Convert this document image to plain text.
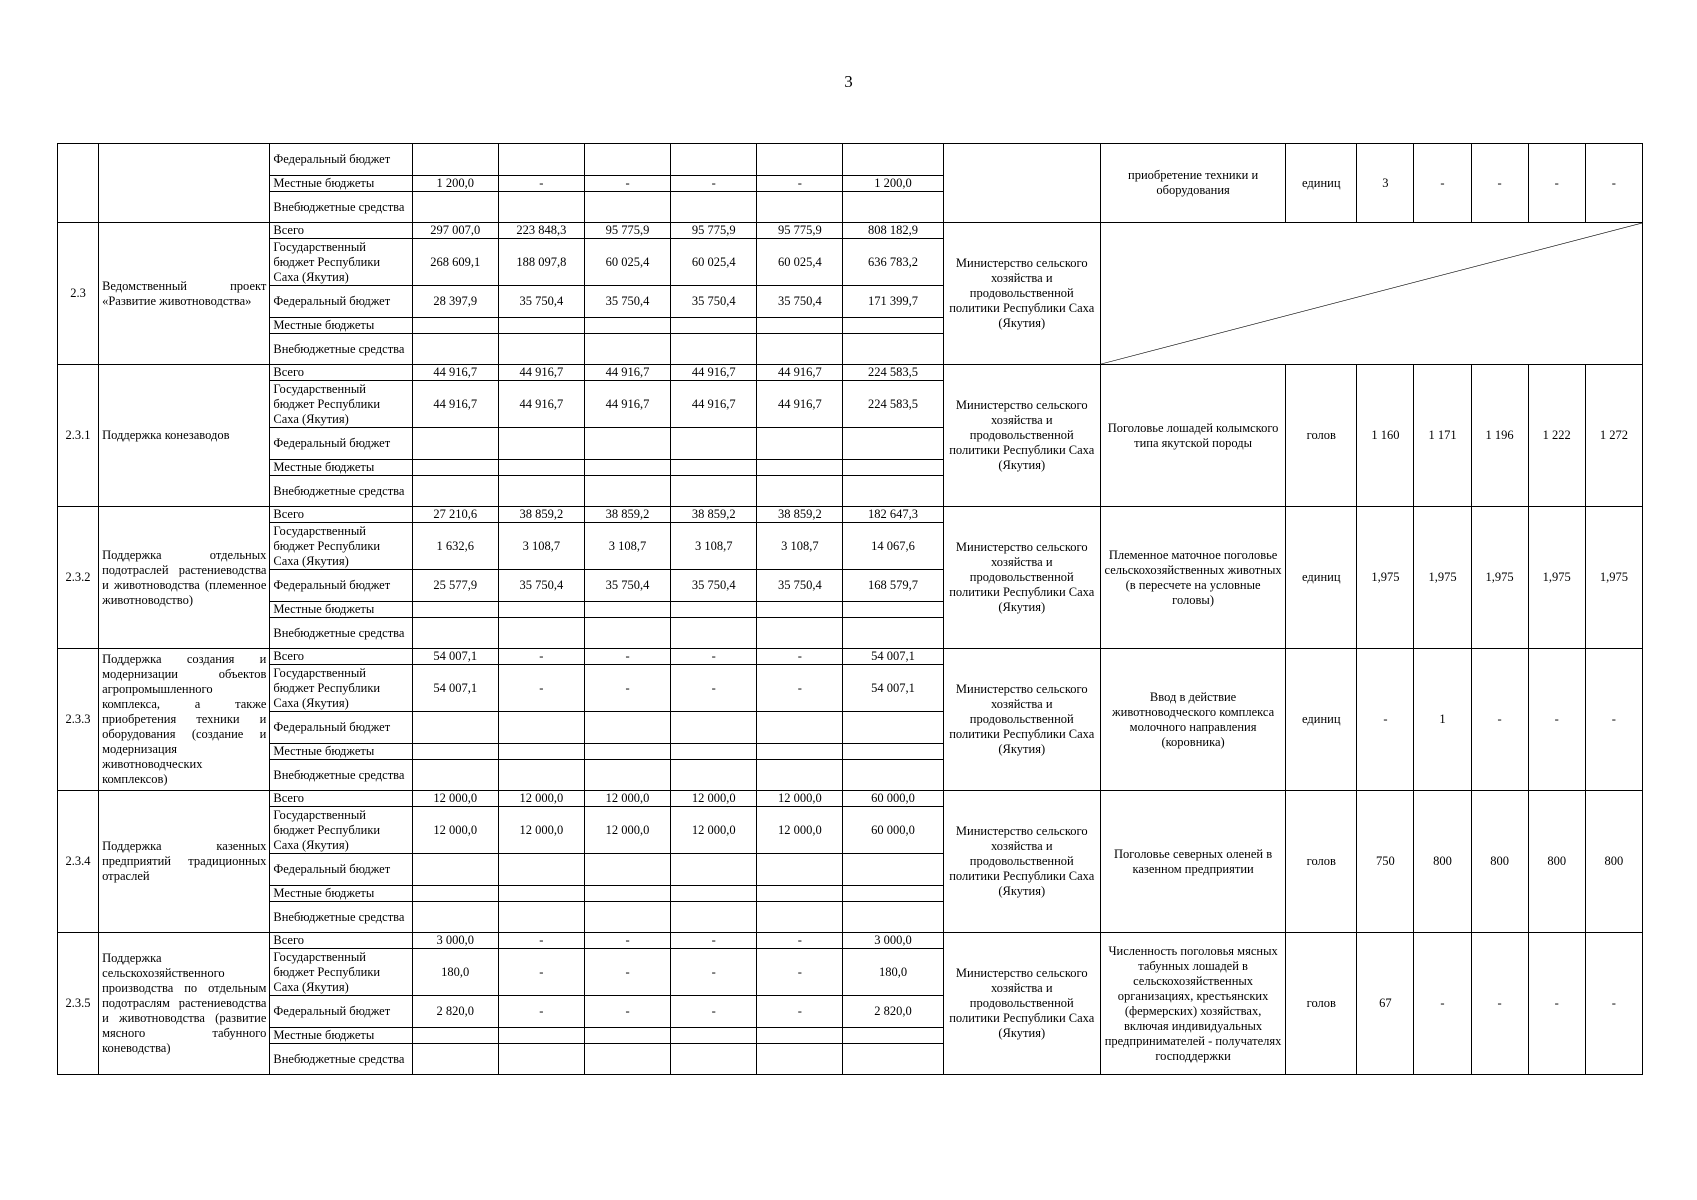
3
		Федеральный бюджет								приобретение техники и оборудования	единиц	3	-	-	-	-
		Местные бюджеты	1 200,0	-	-	-	-	1 200,0								
		Внебюджетные средства														
2.3	Ведомственный проект «Развитие животноводства»	Всего	297 007,0	223 848,3	95 775,9	95 775,9	95 775,9	808 182,9	Министерство сельского хозяйства и продовольственной политики Республики Саха (Якутия)	

		Государственный бюджет Республики Саха (Якутия)	268 609,1	188 097,8	60 025,4	60 025,4	60 025,4	636 783,2								
		Федеральный бюджет	28 397,9	35 750,4	35 750,4	35 750,4	35 750,4	171 399,7								
		Местные бюджеты														
		Внебюджетные средства														
2.3.1	Поддержка конезаводов	Всего	44 916,7	44 916,7	44 916,7	44 916,7	44 916,7	224 583,5	Министерство сельского хозяйства и продовольственной политики Республики Саха (Якутия)	Поголовье лошадей колымского типа якутской породы	голов	1 160	1 171	1 196	1 222	1 272
		Государственный бюджет Республики Саха (Якутия)	44 916,7	44 916,7	44 916,7	44 916,7	44 916,7	224 583,5								
		Федеральный бюджет														
		Местные бюджеты														
		Внебюджетные средства														
2.3.2	Поддержка отдельных подотраслей растениеводства и животноводства (племенное животноводство)	Всего	27 210,6	38 859,2	38 859,2	38 859,2	38 859,2	182 647,3	Министерство сельского хозяйства и продовольственной политики Республики Саха (Якутия)	Племенное маточное поголовье сельскохозяйственных животных (в пересчете на условные головы)	единиц	1,975	1,975	1,975	1,975	1,975
		Государственный бюджет Республики Саха (Якутия)	1 632,6	3 108,7	3 108,7	3 108,7	3 108,7	14 067,6								
		Федеральный бюджет	25 577,9	35 750,4	35 750,4	35 750,4	35 750,4	168 579,7								
		Местные бюджеты														
		Внебюджетные средства														
2.3.3	Поддержка создания и модернизации объектов агропромышленного комплекса, а также приобретения техники и оборудования (создание и модернизация животноводческих комплексов)	Всего	54 007,1	-	-	-	-	54 007,1	Министерство сельского хозяйства и продовольственной политики Республики Саха (Якутия)	Ввод в действие животноводческого комплекса молочного направления (коровника)	единиц	-	1	-	-	-
		Государственный бюджет Республики Саха (Якутия)	54 007,1	-	-	-	-	54 007,1								
		Федеральный бюджет														
		Местные бюджеты														
		Внебюджетные средства														
2.3.4	Поддержка казенных предприятий традиционных отраслей	Всего	12 000,0	12 000,0	12 000,0	12 000,0	12 000,0	60 000,0	Министерство сельского хозяйства и продовольственной политики Республики Саха (Якутия)	Поголовье северных оленей в казенном предприятии	голов	750	800	800	800	800
		Государственный бюджет Республики Саха (Якутия)	12 000,0	12 000,0	12 000,0	12 000,0	12 000,0	60 000,0								
		Федеральный бюджет														
		Местные бюджеты														
		Внебюджетные средства														
2.3.5	Поддержка сельскохозяйственного производства по отдельным подотраслям растениеводства и животноводства (развитие мясного табунного коневодства)	Всего	3 000,0	-	-	-	-	3 000,0	Министерство сельского хозяйства и продовольственной политики Республики Саха (Якутия)	Численность поголовья мясных табунных лошадей в сельскохозяйственных организациях, крестьянских (фермерских) хозяйствах, включая индивидуальных предпринимателей - получателях господдержки	голов	67	-	-	-	-
		Государственный бюджет Республики Саха (Якутия)	180,0	-	-	-	-	180,0								
		Федеральный бюджет	2 820,0	-	-	-	-	2 820,0								
		Местные бюджеты														
		Внебюджетные средства														
